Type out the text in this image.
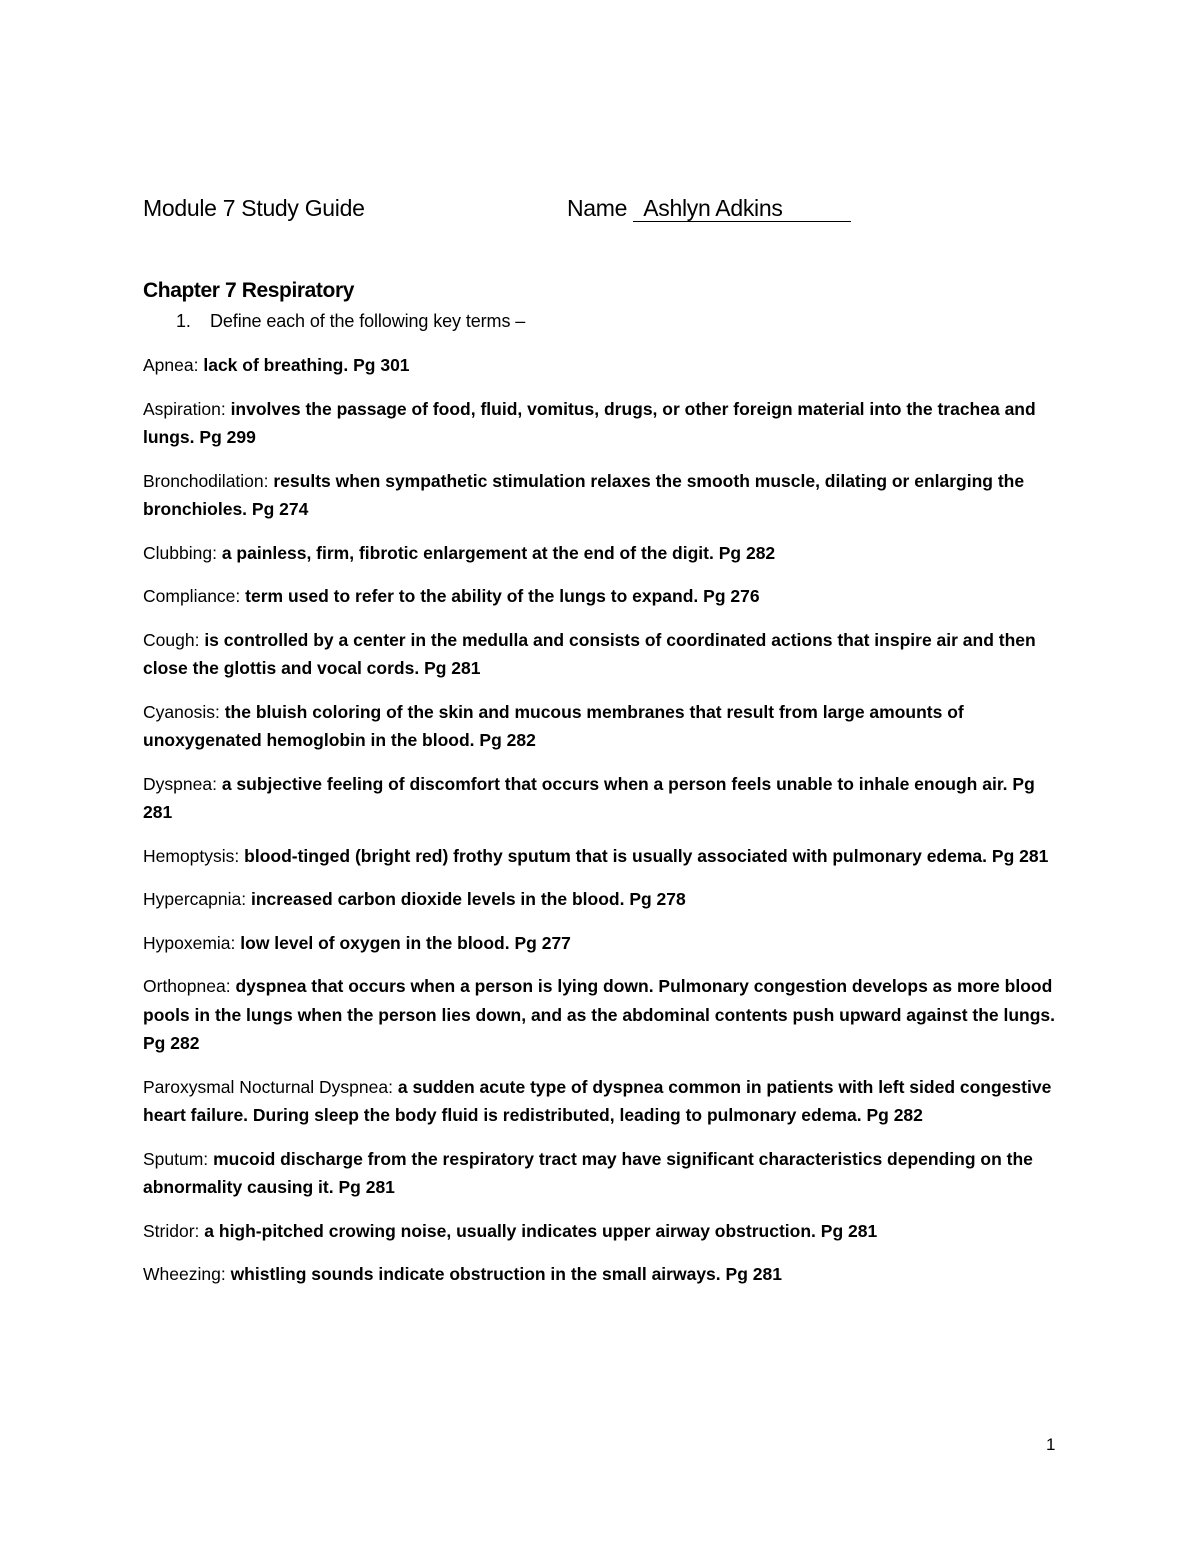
Module 7 Study Guide	Name Ashlyn Adkins
Chapter 7 Respiratory
1. Define each of the following key terms –

Apnea: lack of breathing. Pg 301

Aspiration: involves the passage of food, fluid, vomitus, drugs, or other foreign material into the trachea and lungs. Pg 299

Bronchodilation: results when sympathetic stimulation relaxes the smooth muscle, dilating or enlarging the bronchioles. Pg 274

Clubbing: a painless, firm, fibrotic enlargement at the end of the digit. Pg 282

Compliance: term used to refer to the ability of the lungs to expand. Pg 276

Cough: is controlled by a center in the medulla and consists of coordinated actions that inspire air and then close the glottis and vocal cords. Pg 281

Cyanosis: the bluish coloring of the skin and mucous membranes that result from large amounts of unoxygenated hemoglobin in the blood. Pg 282

Dyspnea: a subjective feeling of discomfort that occurs when a person feels unable to inhale enough air. Pg 281

Hemoptysis: blood-tinged (bright red) frothy sputum that is usually associated with pulmonary edema. Pg 281

Hypercapnia: increased carbon dioxide levels in the blood. Pg 278

Hypoxemia: low level of oxygen in the blood. Pg 277

Orthopnea: dyspnea that occurs when a person is lying down. Pulmonary congestion develops as more blood pools in the lungs when the person lies down, and as the abdominal contents push upward against the lungs. Pg 282

Paroxysmal Nocturnal Dyspnea: a sudden acute type of dyspnea common in patients with left sided congestive heart failure. During sleep the body fluid is redistributed, leading to pulmonary edema. Pg 282

Sputum: mucoid discharge from the respiratory tract may have significant characteristics depending on the abnormality causing it. Pg 281

Stridor: a high-pitched crowing noise, usually indicates upper airway obstruction. Pg 281

Wheezing: whistling sounds indicate obstruction in the small airways. Pg 281

1
